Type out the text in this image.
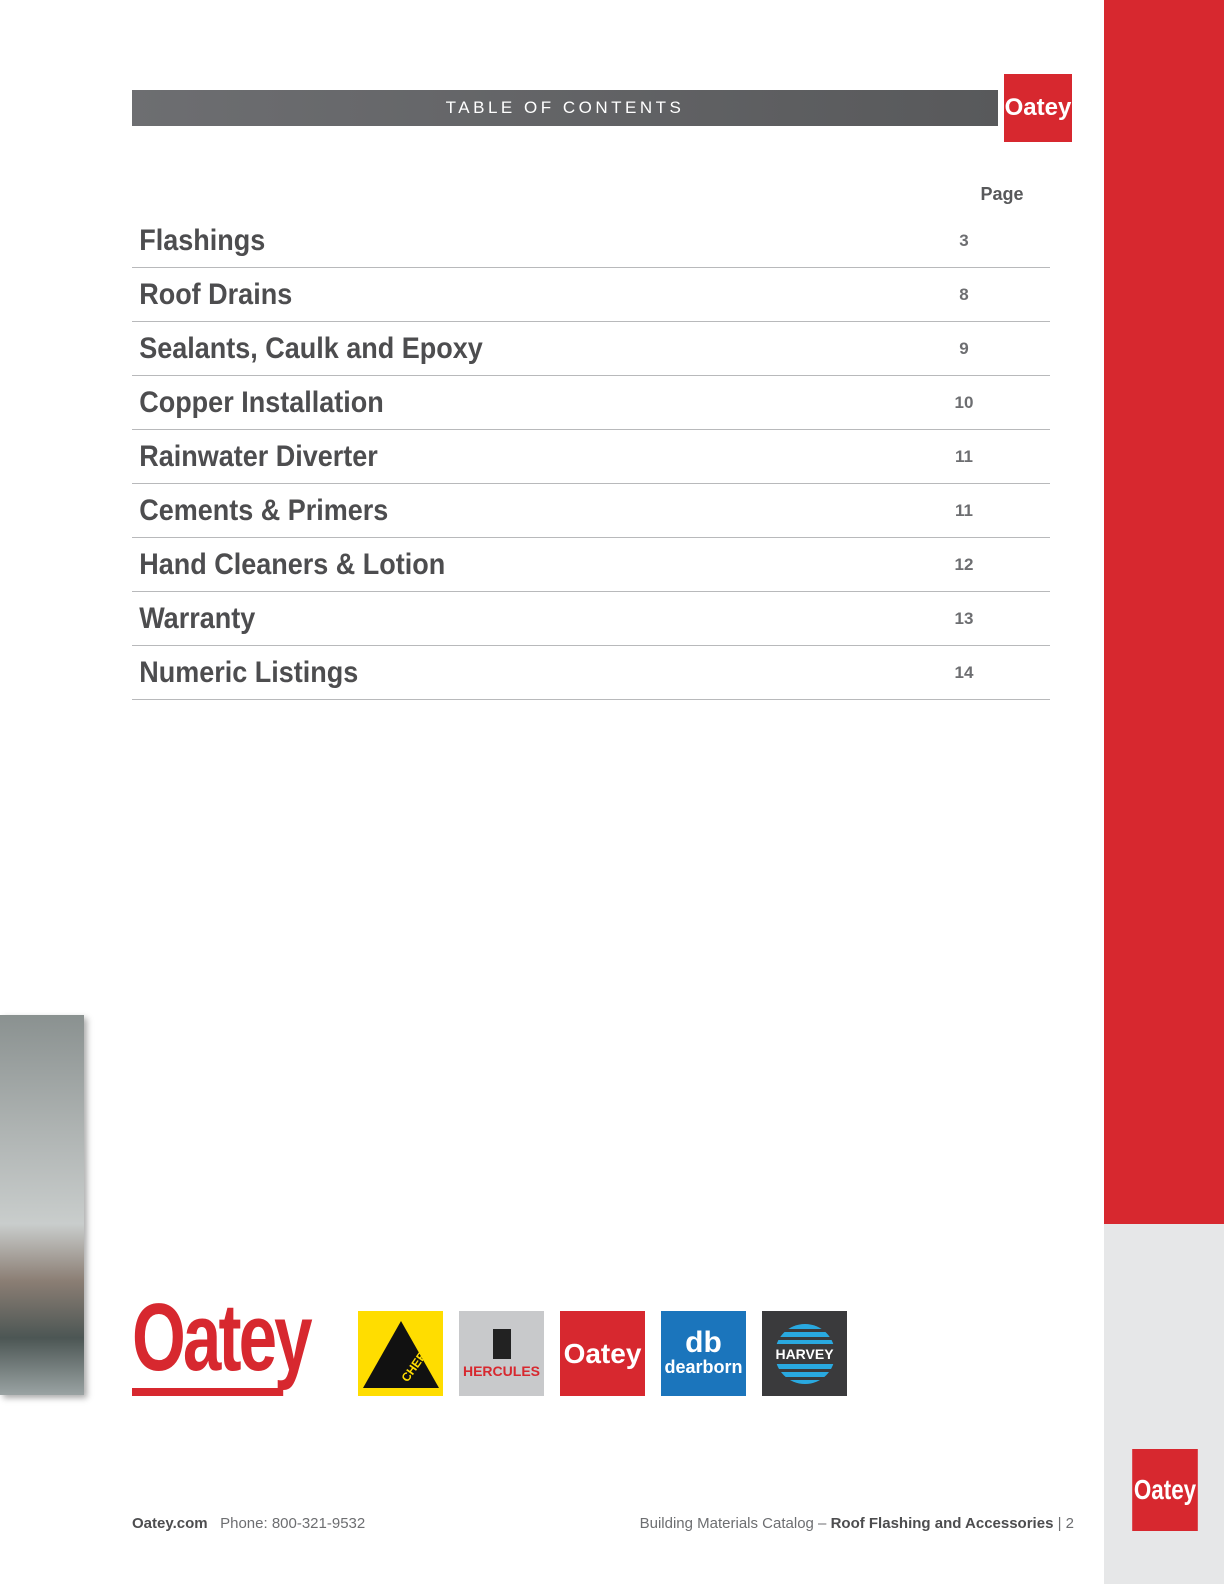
TABLE OF CONTENTS	Oatey
Page
Flashings	3
Roof Drains	8
Sealants, Caulk and Epoxy	9
Copper Installation	10
Rainwater Diverter	11
Cements & Primers	11
Hand Cleaners & Lotion	12
Warranty	13
Numeric Listings	14
Oatey	CHERNE HERCULES
Oatey db
dearborn
HARVEY
Oatey
Oatey.com Phone: 800-321-9532	Building Materials Catalog – Roof Flashing and Accessories | 2
